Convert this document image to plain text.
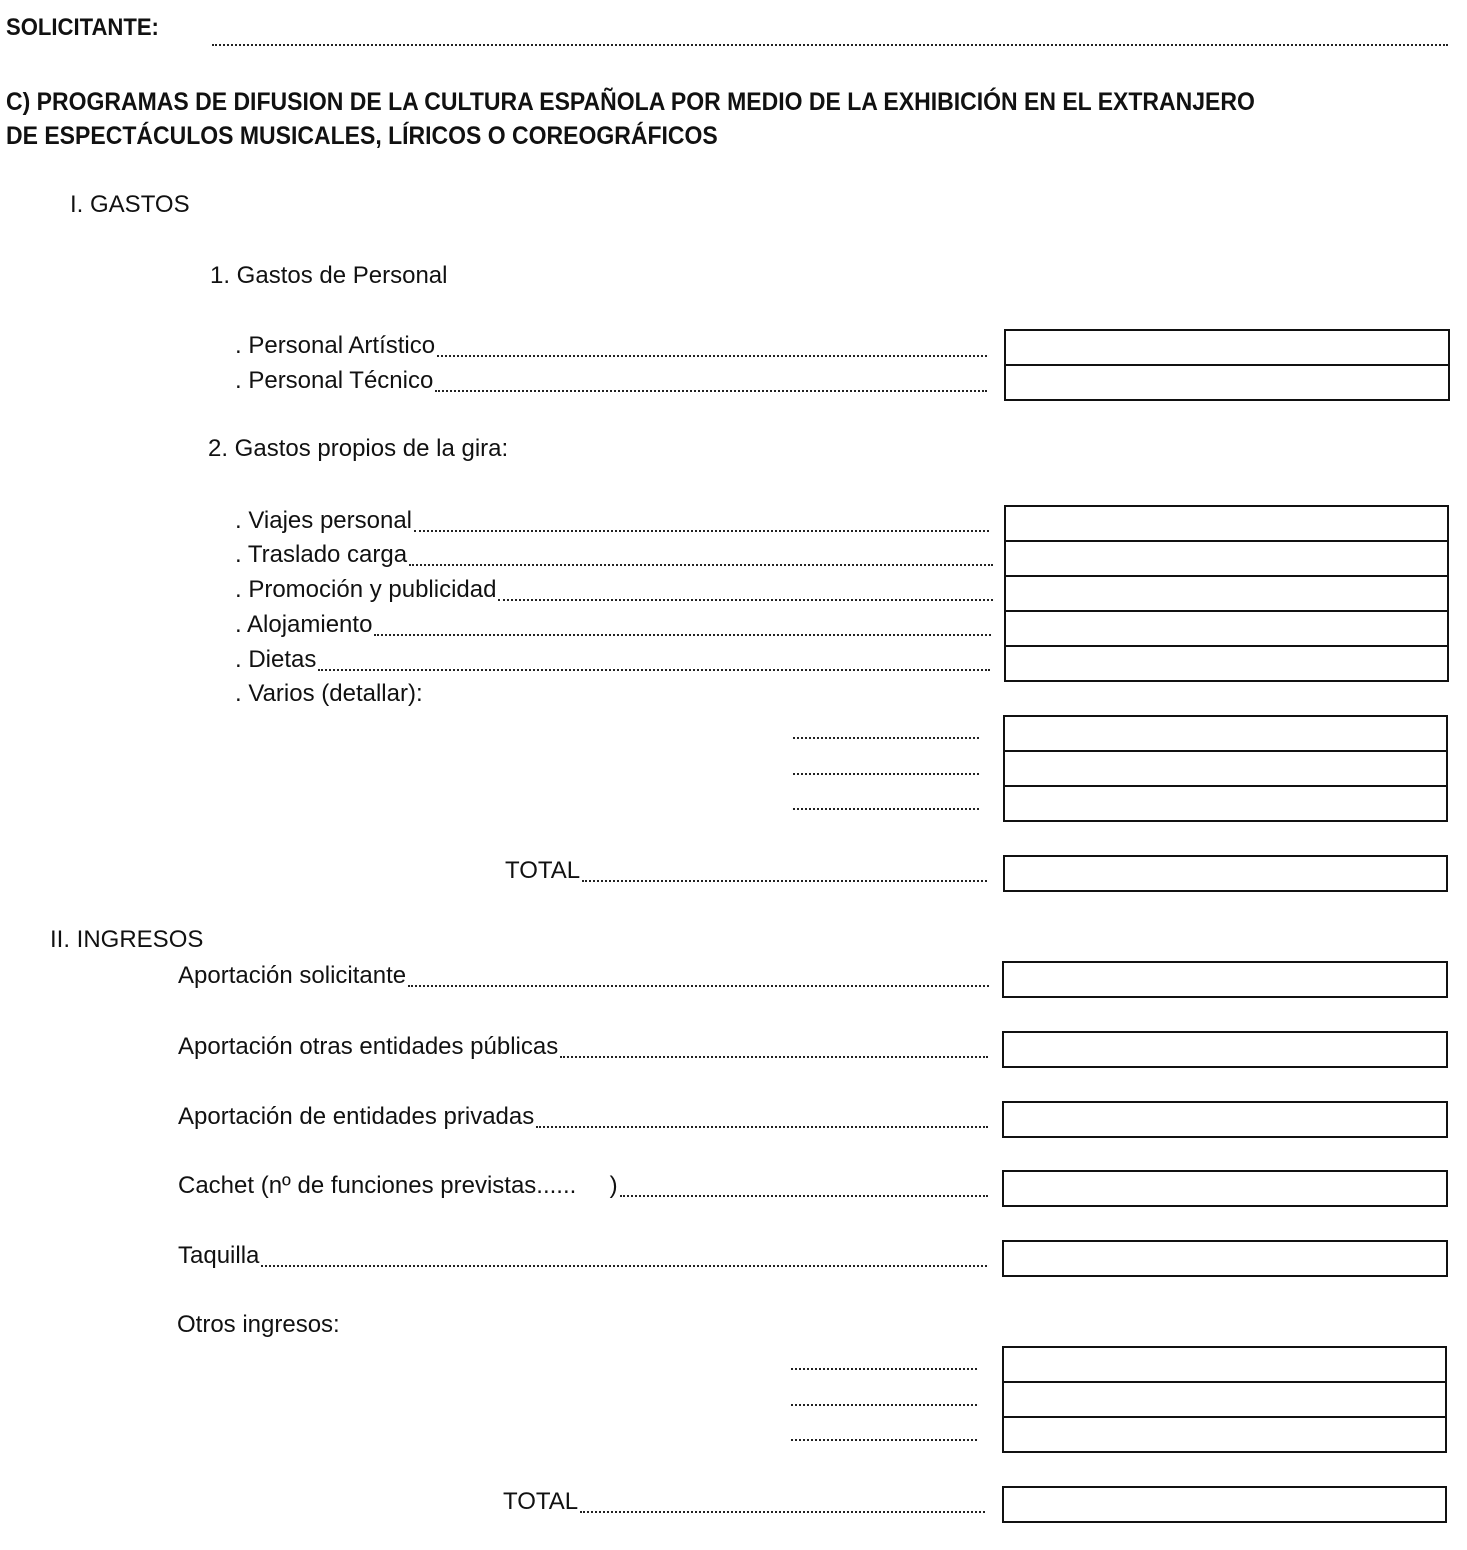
SOLICITANTE:
C) PROGRAMAS DE DIFUSION DE LA CULTURA ESPAÑOLA POR MEDIO DE LA EXHIBICIÓN EN EL EXTRANJERO
DE ESPECTÁCULOS MUSICALES, LÍRICOS O COREOGRÁFICOS
I. GASTOS
1. Gastos de Personal
. Personal Artístico
. Personal Técnico
2. Gastos propios de la gira:
. Viajes personal
. Traslado carga
. Promoción y publicidad
. Alojamiento
. Dietas
. Varios (detallar):
TOTAL
II. INGRESOS
Aportación solicitante
Aportación otras entidades públicas
Aportación de entidades privadas
Cachet (nº de funciones previstas......     )
Taquilla
Otros ingresos:
TOTAL
